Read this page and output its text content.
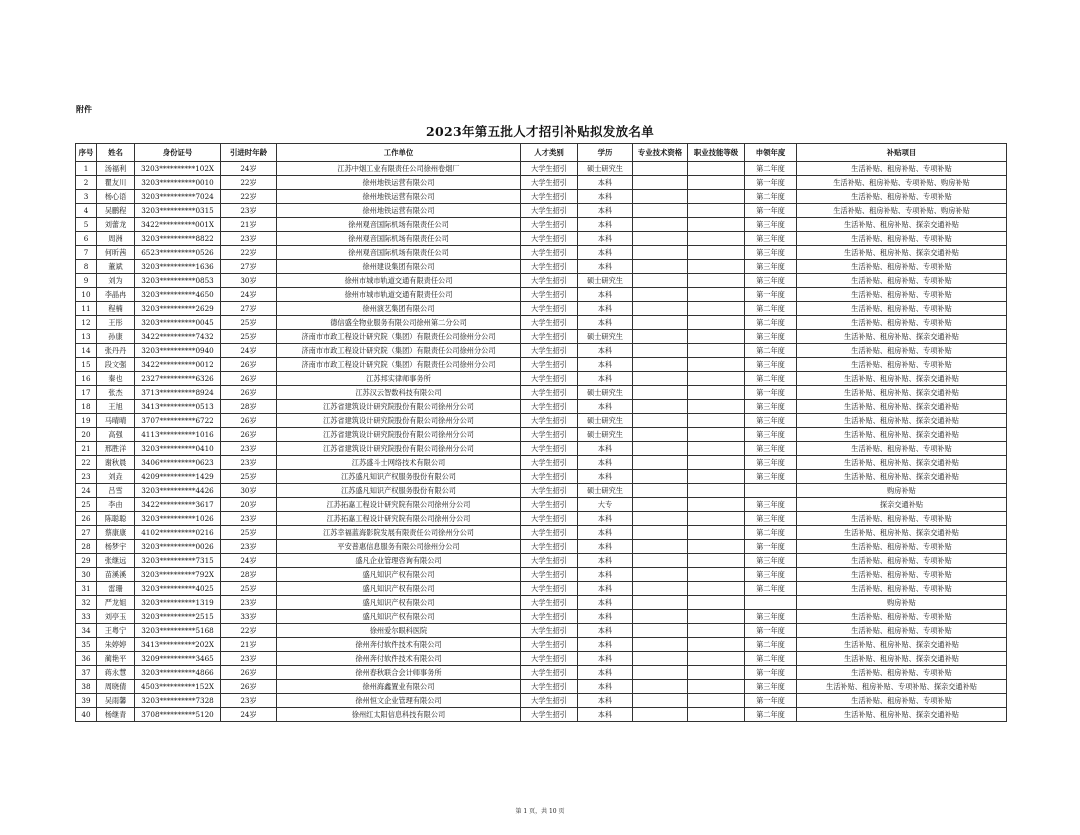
附件
2023年第五批人才招引补贴拟发放名单
序号	姓名	身份证号	引进时年龄	工作单位	人才类别	学历	专业技术资格	职业技能等级	申领年度	补贴项目
1	汤福利	3203**********102X	24岁	江苏中烟工业有限责任公司徐州卷烟厂	大学生招引	硕士研究生			第二年度	生活补贴、租房补贴、专项补贴
2	瞿友川	3203**********0010	22岁	徐州地铁运营有限公司	大学生招引	本科			第一年度	生活补贴、租房补贴、专项补贴、购房补贴
3	杨心语	3203**********7024	22岁	徐州地铁运营有限公司	大学生招引	本科			第二年度	生活补贴、租房补贴、专项补贴
4	吴鹏程	3203**********0315	23岁	徐州地铁运营有限公司	大学生招引	本科			第一年度	生活补贴、租房补贴、专项补贴、购房补贴
5	刘蕾龙	3422**********001X	21岁	徐州观音国际机场有限责任公司	大学生招引	本科			第三年度	生活补贴、租房补贴、探亲交通补贴
6	周洲	3203**********8822	23岁	徐州观音国际机场有限责任公司	大学生招引	本科			第三年度	生活补贴、租房补贴、专项补贴
7	何昕茜	6523**********0526	22岁	徐州观音国际机场有限责任公司	大学生招引	本科			第三年度	生活补贴、租房补贴、探亲交通补贴
8	董斌	3203**********1636	27岁	徐州建设集团有限公司	大学生招引	本科			第三年度	生活补贴、租房补贴、专项补贴
9	刘为	3203**********0853	30岁	徐州市城市轨道交通有限责任公司	大学生招引	硕士研究生			第三年度	生活补贴、租房补贴、专项补贴
10	李晶冉	3203**********4650	24岁	徐州市城市轨道交通有限责任公司	大学生招引	本科			第一年度	生活补贴、租房补贴、专项补贴
11	程楠	3203**********2629	27岁	徐州演艺集团有限公司	大学生招引	本科			第二年度	生活补贴、租房补贴、专项补贴
12	王彤	3203**********0045	25岁	德信盛全物业服务有限公司徐州第二分公司	大学生招引	本科			第二年度	生活补贴、租房补贴、专项补贴
13	孙康	3422**********7432	25岁	济南市市政工程设计研究院（集团）有限责任公司徐州分公司	大学生招引	硕士研究生			第三年度	生活补贴、租房补贴、探亲交通补贴
14	张丹丹	3203**********0940	24岁	济南市市政工程设计研究院（集团）有限责任公司徐州分公司	大学生招引	本科			第二年度	生活补贴、租房补贴、专项补贴
15	段文强	3422**********0012	26岁	济南市市政工程设计研究院（集团）有限责任公司徐州分公司	大学生招引	本科			第三年度	生活补贴、租房补贴、专项补贴
16	秦也	2327**********6326	26岁	江苏邦实律师事务所	大学生招引	本科			第二年度	生活补贴、租房补贴、探亲交通补贴
17	张杰	3713**********8924	26岁	江苏汉云智数科技有限公司	大学生招引	硕士研究生			第一年度	生活补贴、租房补贴、探亲交通补贴
18	王旭	3413**********0513	28岁	江苏省建筑设计研究院股份有限公司徐州分公司	大学生招引	本科			第三年度	生活补贴、租房补贴、探亲交通补贴
19	马晴晴	3707**********6722	26岁	江苏省建筑设计研究院股份有限公司徐州分公司	大学生招引	硕士研究生			第三年度	生活补贴、租房补贴、探亲交通补贴
20	高强	4113**********1016	26岁	江苏省建筑设计研究院股份有限公司徐州分公司	大学生招引	硕士研究生			第三年度	生活补贴、租房补贴、探亲交通补贴
21	邢胜洋	3203**********0410	23岁	江苏省建筑设计研究院股份有限公司徐州分公司	大学生招引	本科			第三年度	生活补贴、租房补贴、专项补贴
22	谢秋晨	3406**********0623	23岁	江苏盛斗士网络技术有限公司	大学生招引	本科			第三年度	生活补贴、租房补贴、探亲交通补贴
23	刘垚	4209**********1429	25岁	江苏盛凡知识产权服务股份有限公司	大学生招引	本科			第三年度	生活补贴、租房补贴、探亲交通补贴
24	吕雪	3203**********4426	30岁	江苏盛凡知识产权服务股份有限公司	大学生招引	硕士研究生				购房补贴
25	李由	3422**********3617	20岁	江苏拓嘉工程设计研究院有限公司徐州分公司	大学生招引	大专			第三年度	探亲交通补贴
26	陈聪聪	3203**********1026	23岁	江苏拓嘉工程设计研究院有限公司徐州分公司	大学生招引	本科			第三年度	生活补贴、租房补贴、专项补贴
27	蔡康康	4102**********0216	25岁	江苏幸福蓝海影院发展有限责任公司徐州分公司	大学生招引	本科			第二年度	生活补贴、租房补贴、探亲交通补贴
28	杨梦宇	3203**********0026	23岁	平安普惠信息服务有限公司徐州分公司	大学生招引	本科			第一年度	生活补贴、租房补贴、专项补贴
29	张继远	3203**********7315	24岁	盛凡企业管理咨询有限公司	大学生招引	本科			第三年度	生活补贴、租房补贴、专项补贴
30	苗溪溪	3203**********792X	28岁	盛凡知识产权有限公司	大学生招引	本科			第三年度	生活补贴、租房补贴、专项补贴
31	雷珊	3203**********4025	25岁	盛凡知识产权有限公司	大学生招引	本科			第二年度	生活补贴、租房补贴、专项补贴
32	严龙姐	3203**********1319	23岁	盛凡知识产权有限公司	大学生招引	本科				购房补贴
33	刘亭玉	3203**********2515	33岁	盛凡知识产权有限公司	大学生招引	本科			第三年度	生活补贴、租房补贴、专项补贴
34	王粤宁	3203**********5168	22岁	徐州爱尔眼科医院	大学生招引	本科			第一年度	生活补贴、租房补贴、专项补贴
35	朱婷婷	3413**********202X	21岁	徐州奔付软件技术有限公司	大学生招引	本科			第二年度	生活补贴、租房补贴、探亲交通补贴
36	蔺艳平	3209**********3465	23岁	徐州奔付软件技术有限公司	大学生招引	本科			第二年度	生活补贴、租房补贴、探亲交通补贴
37	蒋永慧	3203**********4866	26岁	徐州春秋联合会计师事务所	大学生招引	本科			第一年度	生活补贴、租房补贴、专项补贴
38	周晓倩	4503**********152X	26岁	徐州海鑫置业有限公司	大学生招引	本科			第三年度	生活补贴、租房补贴、专项补贴、探亲交通补贴
39	吴雨馨	3203**********7328	23岁	徐州恒文企业管理有限公司	大学生招引	本科			第一年度	生活补贴、租房补贴、专项补贴
40	杨继青	3708**********5120	24岁	徐州红太阳信息科技有限公司	大学生招引	本科			第二年度	生活补贴、租房补贴、探亲交通补贴
第 1 页，共 10 页
